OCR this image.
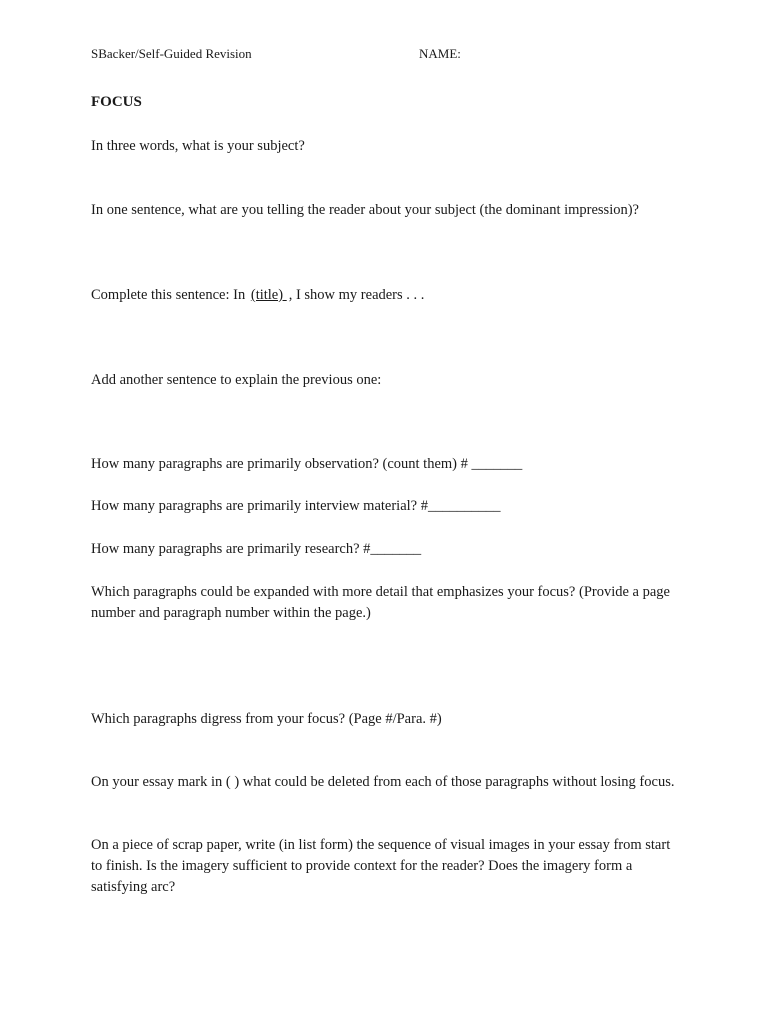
SBacker/Self-Guided Revision	NAME:
FOCUS
In three words, what is your subject?
In one sentence, what are you telling the reader about your subject (the dominant impression)?
Complete this sentence: In (title) , I show my readers . . .
Add another sentence to explain the previous one:
How many paragraphs are primarily observation? (count them) # _______
How many paragraphs are primarily interview material? #__________
How many paragraphs are primarily research? #_______
Which paragraphs could be expanded with more detail that emphasizes your focus? (Provide a page number and paragraph number within the page.)
Which paragraphs digress from your focus? (Page #/Para. #)
On your essay mark in ( ) what could be deleted from each of those paragraphs without losing focus.
On a piece of scrap paper, write (in list form) the sequence of visual images in your essay from start to finish. Is the imagery sufficient to provide context for the reader? Does the imagery form a satisfying arc?
